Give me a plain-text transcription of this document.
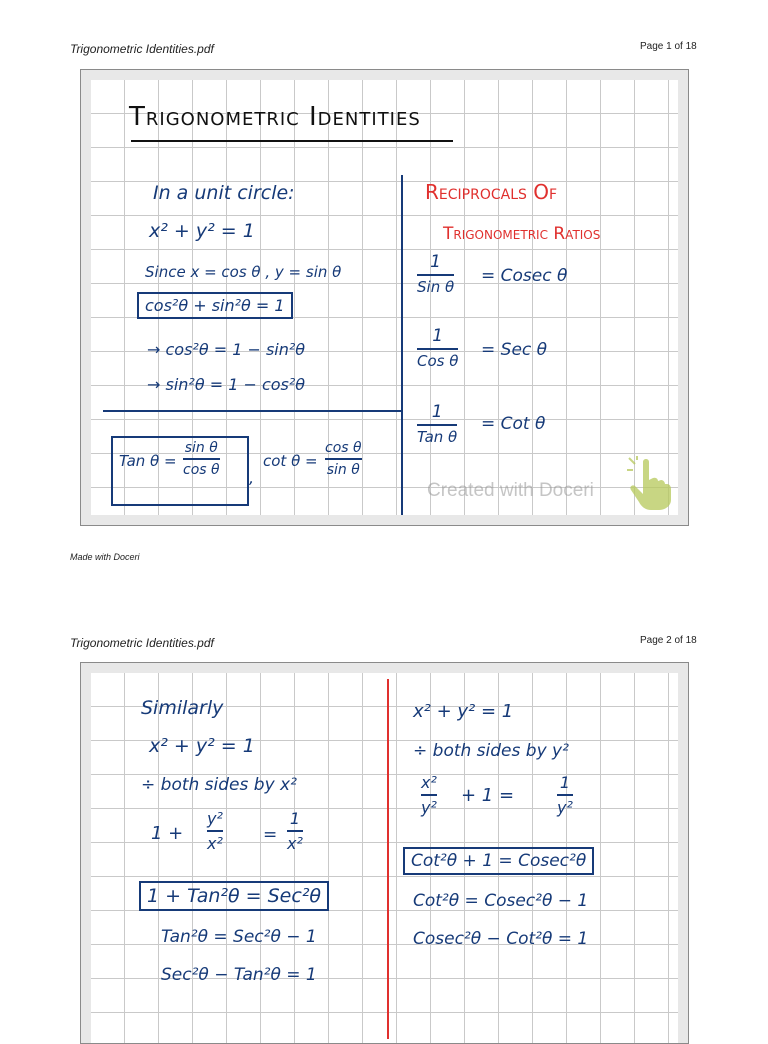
Trigonometric Identities.pdf	Page 1 of 18
Trigonometric Identities
In a unit circle:
x² + y² = 1
Since x = cos θ , y = sin θ
cos²θ + sin²θ = 1
→ cos²θ = 1 − sin²θ
→ sin²θ = 1 − cos²θ
Tan θ =
sin θ
cos θ ,
cot θ =
cos θ
sin θ
Reciprocals Of
Trigonometric Ratios
1
Sin θ
= Cosec θ
1
Cos θ
= Sec θ
1
Tan θ
= Cot θ
Created with Doceri
Made with Doceri
Trigonometric Identities.pdf	Page 2 of 18
Similarly
x² + y² = 1
÷ both sides by x²
1 +
y²
x² =
1
x²
1 + Tan²θ = Sec²θ
Tan²θ = Sec²θ − 1
Sec²θ − Tan²θ = 1
x² + y² = 1
÷ both sides by y²
x²
y²
+ 1 =
1
y²
Cot²θ + 1 = Cosec²θ
Cot²θ = Cosec²θ − 1
Cosec²θ − Cot²θ = 1
